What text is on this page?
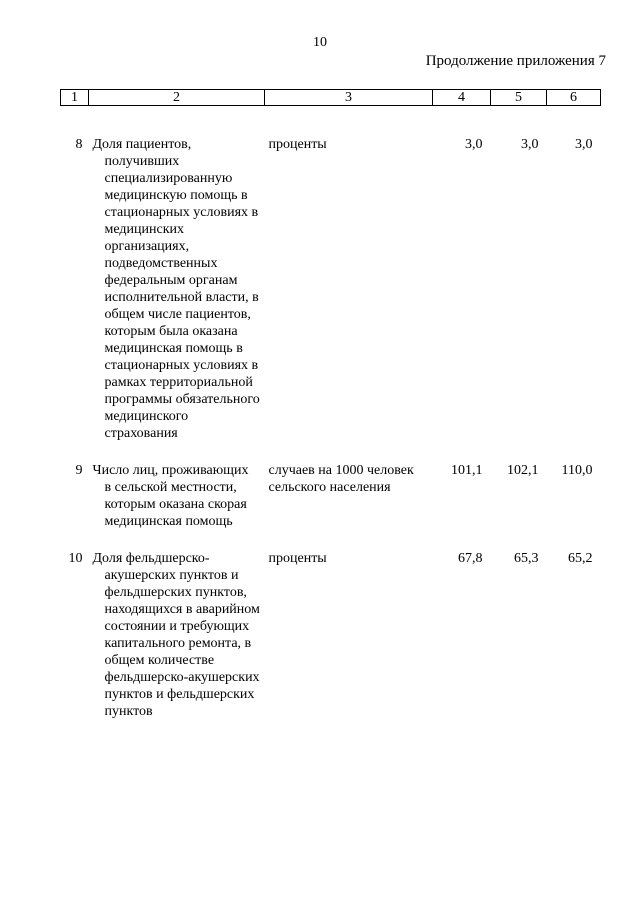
10
Продолжение приложения 7
1	2	3	4	5	6

8	Доля пациентов,
получивших специализированную медицинскую помощь в стационарных условиях в медицинских организациях, подведомственных федеральным органам исполнительной власти, в общем числе пациентов, которым была оказана медицинская помощь в стационарных условиях в рамках территориальной программы обязательного медицинского страхования	проценты	3,0	3,0	3,0

9	Число лиц, проживающих
в сельской местности, которым оказана скорая медицинская помощь	случаев на 1000 человек сельского населения	101,1	102,1	110,0

10	Доля фельдшерско-
акушерских пунктов и фельдшерских пунктов, находящихся в аварийном состоянии и требующих капитального ремонта, в общем количестве фельдшерско-акушерских пунктов и фельдшерских пунктов	проценты	67,8	65,3	65,2
